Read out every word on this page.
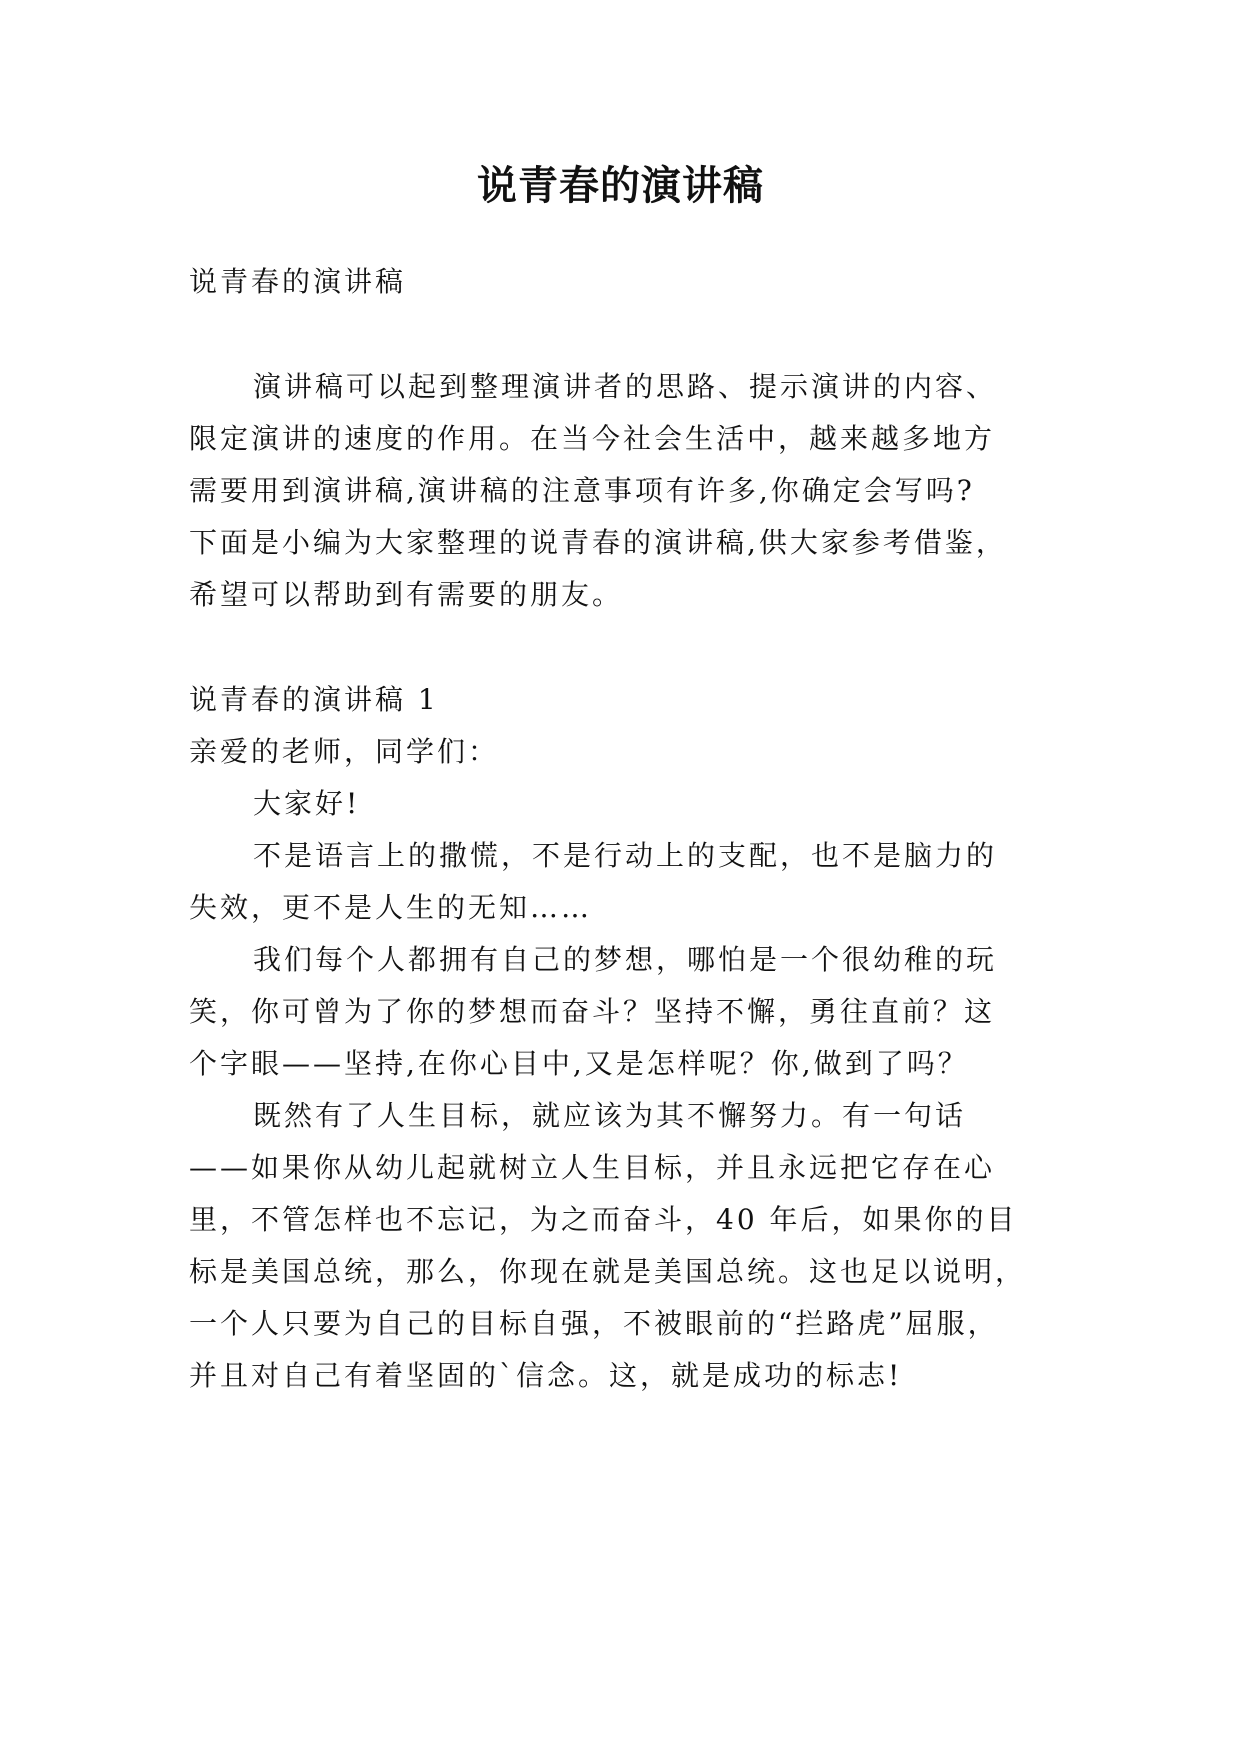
说青春的演讲稿
说青春的演讲稿
演讲稿可以起到整理演讲者的思路、提示演讲的内容、
限定演讲的速度的作用。在当今社会生活中，越来越多地方
需要用到演讲稿,演讲稿的注意事项有许多,你确定会写吗?
下面是小编为大家整理的说青春的演讲稿,供大家参考借鉴，
希望可以帮助到有需要的朋友。
说青春的演讲稿 1
亲爱的老师，同学们：
大家好!
不是语言上的撒慌，不是行动上的支配，也不是脑力的
失效，更不是人生的无知……
我们每个人都拥有自己的梦想，哪怕是一个很幼稚的玩
笑，你可曾为了你的梦想而奋斗？坚持不懈，勇往直前？这
个字眼——坚持,在你心目中,又是怎样呢？你,做到了吗？
既然有了人生目标，就应该为其不懈努力。有一句话
——如果你从幼儿起就树立人生目标，并且永远把它存在心
里，不管怎样也不忘记，为之而奋斗，40 年后，如果你的目
标是美国总统，那么，你现在就是美国总统。这也足以说明，
一个人只要为自己的目标自强，不被眼前的“拦路虎”屈服，
并且对自己有着坚固的`信念。这，就是成功的标志!
